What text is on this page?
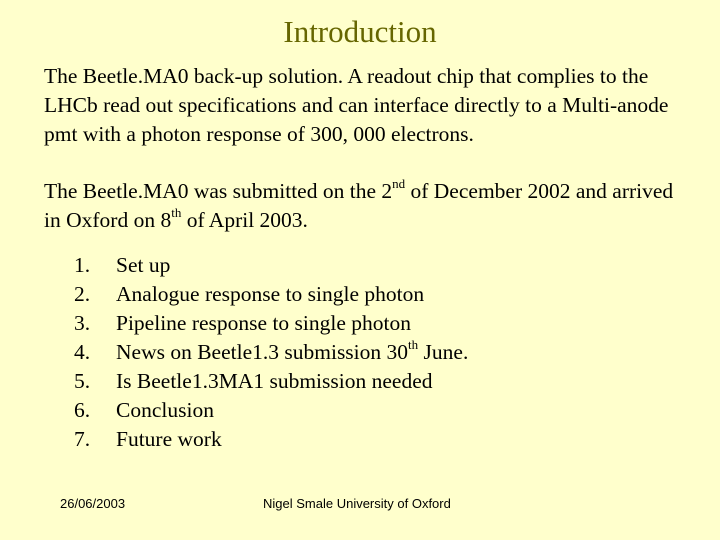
Introduction
The Beetle.MA0 back-up solution. A readout chip that complies to the LHCb read out specifications and can interface directly to a Multi-anode pmt with a photon response of 300, 000 electrons.
The Beetle.MA0 was submitted on the 2nd of December 2002 and arrived in Oxford on 8th of April 2003.
1. Set up
2. Analogue response to single photon
3. Pipeline response to single photon
4. News on Beetle1.3 submission 30th June.
5. Is Beetle1.3MA1 submission needed
6. Conclusion
7. Future work
26/06/2003	Nigel Smale University of Oxford
